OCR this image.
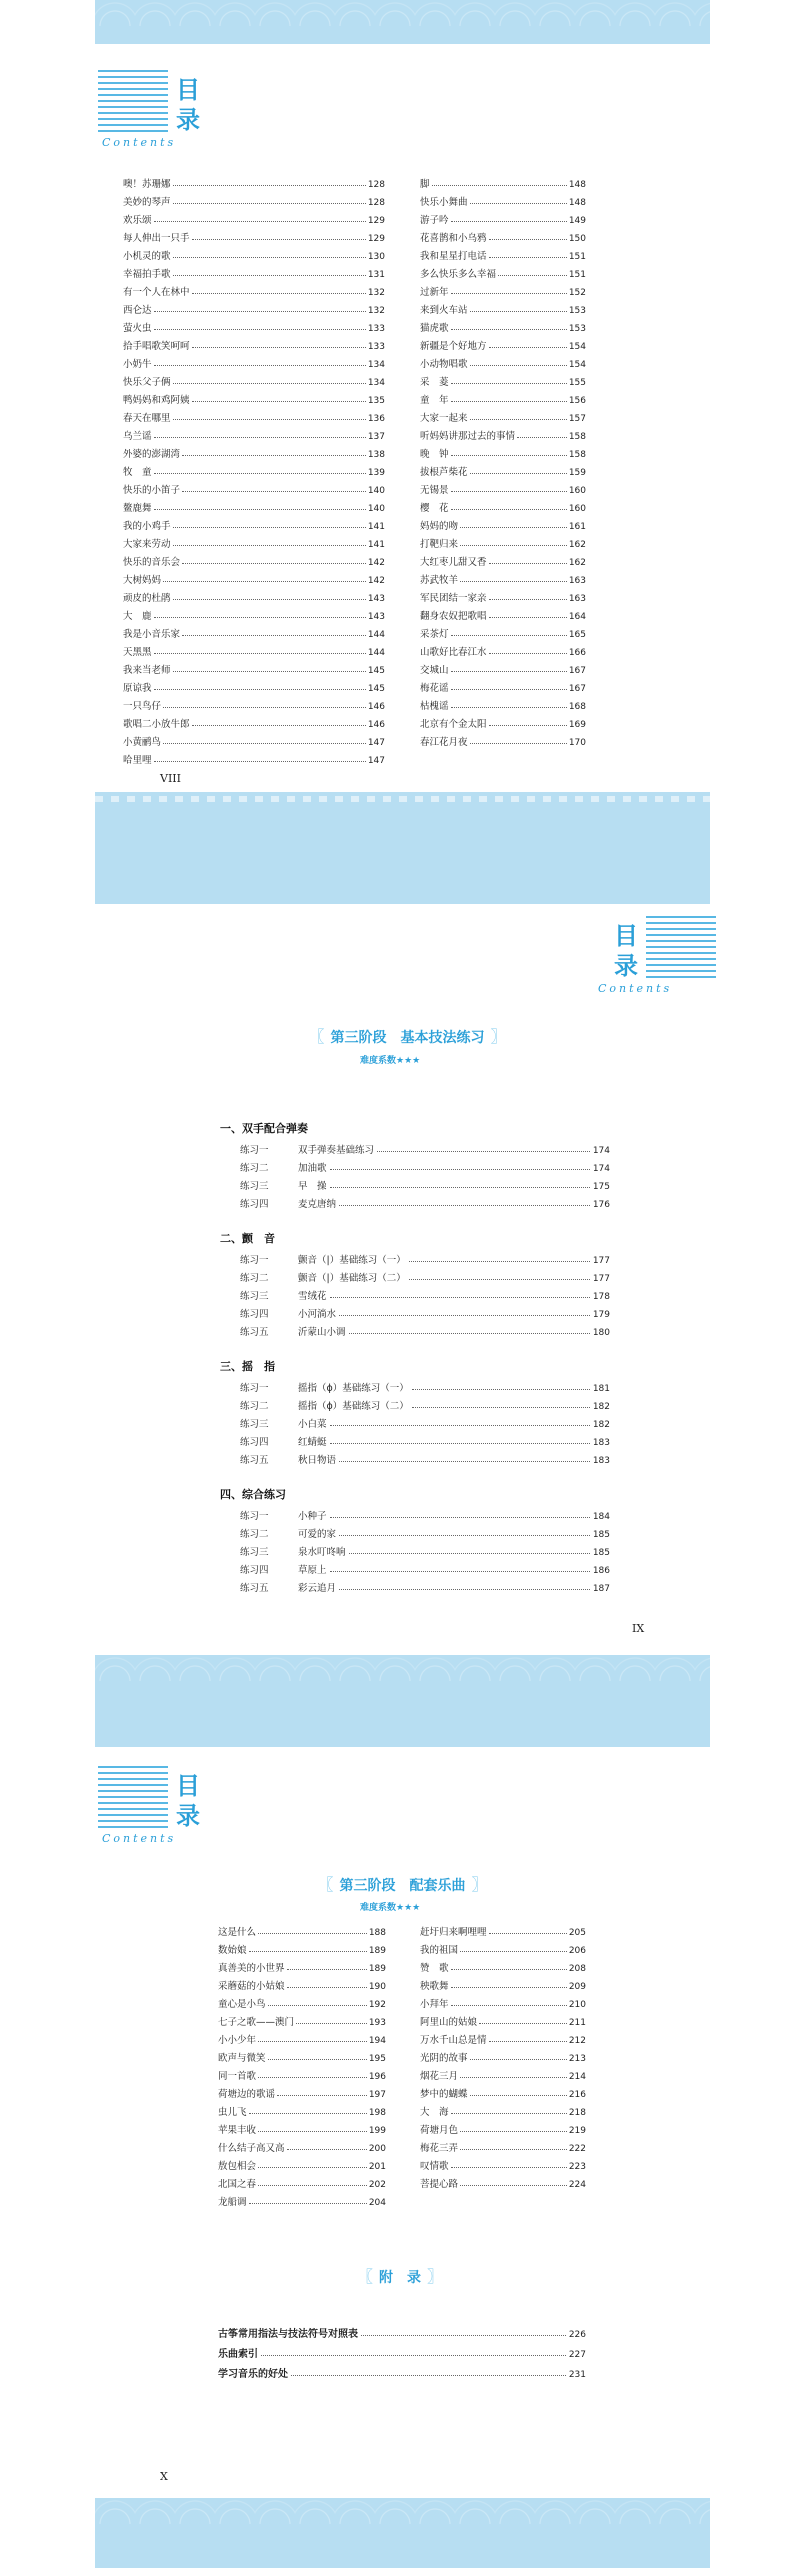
目
录
Contents
噢！苏珊娜	128
美妙的琴声	128
欢乐颂	129
每人伸出一只手	129
小机灵的歌	130
幸福拍手歌	131
有一个人在林中	132
西仑达	132
萤火虫	133
拾手唱歌笑呵呵	133
小奶牛	134
快乐父子俩	134
鸭妈妈和鸡阿姨	135
春天在哪里	136
乌兰谣	137
外婆的澎湖湾	138
牧　童	139
快乐的小笛子	140
鳌鹿舞	140
我的小鸡手	141
大家来劳动	141
快乐的音乐会	142
大树妈妈	142
顽皮的杜鹃	143
大　鹿	143
我是小音乐家	144
天黑黑	144
我来当老师	145
原谅我	145
一只鸟仔	146
歌唱二小放牛郎	146
小黄鹂鸟	147
哈里哩	147
脚	148
快乐小舞曲	148
游子吟	149
花喜鹊和小乌鸦	150
我和星星打电话	151
多么快乐多么幸福	151
过新年	152
来到火车站	153
猫虎歌	153
新疆是个好地方	154
小动物唱歌	154
采　菱	155
童　年	156
大家一起来	157
听妈妈讲那过去的事情	158
晚　钟	158
拔根芦柴花	159
无锡景	160
樱　花	160
妈妈的吻	161
打靶归来	162
大红枣儿甜又香	162
苏武牧羊	163
军民团结一家亲	163
翻身农奴把歌唱	164
采茶灯	165
山歌好比春江水	166
交城山	167
梅花谣	167
枯槐谣	168
北京有个金太阳	169
春江花月夜	170
VIII
目
录
Contents
〖 第三阶段　基本技法练习 〗
难度系数★★★
一、双手配合弹奏
练习一	双手弹奏基础练习	174
练习二	加油歌	174
练习三	早　操	175
练习四	麦克唐纳	176
二、颤　音
练习一	颤音（|）基础练习（一）	177
练习二	颤音（|）基础练习（二）	177
练习三	雪绒花	178
练习四	小河淌水	179
练习五	沂蒙山小调	180
三、摇　指
练习一	摇指（ϕ）基础练习（一）	181
练习二	摇指（ϕ）基础练习（二）	182
练习三	小白菜	182
练习四	红蜻蜓	183
练习五	秋日物语	183
四、综合练习
练习一	小种子	184
练习二	可爱的家	185
练习三	泉水叮咚响	185
练习四	草原上	186
练习五	彩云追月	187
IX
目
录
Contents
〖 第三阶段　配套乐曲 〗
难度系数★★★
这是什么	188
数始娘	189
真善美的小世界	189
采蘑菇的小姑娘	190
童心是小鸟	192
七子之歌——澳门	193
小小少年	194
欧声与微笑	195
同一首歌	196
荷塘边的歌谣	197
虫儿飞	198
苹果丰收	199
什么结子高又高	200
敖包相会	201
北国之春	202
龙船调	204
赶圩归来啊哩哩	205
我的祖国	206
赞　歌	208
秧歌舞	209
小拜年	210
阿里山的姑娘	211
万水千山总是情	212
光阴的故事	213
烟花三月	214
梦中的蝴蝶	216
大　海	218
荷塘月色	219
梅花三弄	222
叹情歌	223
菩提心路	224
〖 附　录 〗
古筝常用指法与技法符号对照表	226
乐曲索引	227
学习音乐的好处	231
X
